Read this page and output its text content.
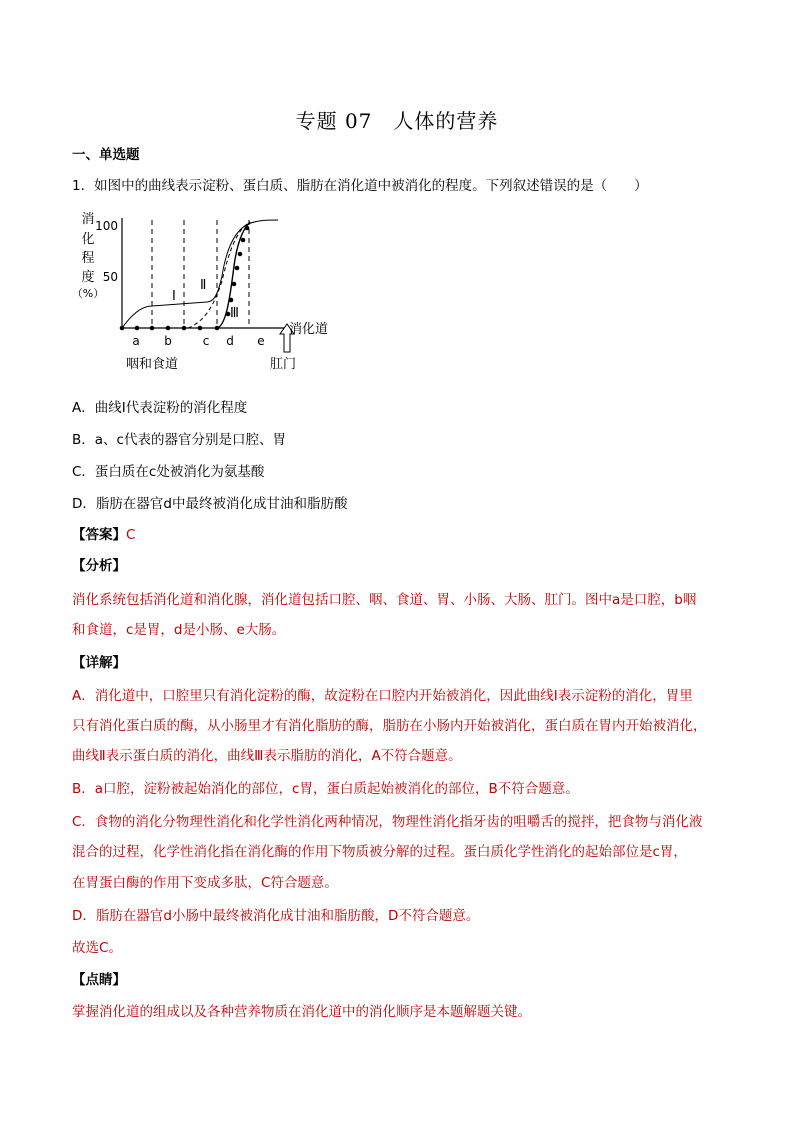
专题 07　人体的营养
一、单选题
1．如图中的曲线表示淀粉、蛋白质、脂肪在消化道中被消化的程度。下列叙述错误的是（　　）
消
化
程
度
（%）
100
50
Ⅰ
Ⅱ
Ⅲ
a b	c d e
消化道
咽和食道	肛门
A．曲线Ⅰ代表淀粉的消化程度
B．a、c代表的器官分别是口腔、胃
C．蛋白质在c处被消化为氨基酸
D．脂肪在器官d中最终被消化成甘油和脂肪酸
【答案】C
【分析】
消化系统包括消化道和消化腺，消化道包括口腔、咽、食道、胃、小肠、大肠、肛门。图中a是口腔，b咽
和食道，c是胃，d是小肠、e大肠。
【详解】
A．消化道中，口腔里只有消化淀粉的酶，故淀粉在口腔内开始被消化，因此曲线Ⅰ表示淀粉的消化，胃里
只有消化蛋白质的酶，从小肠里才有消化脂肪的酶，脂肪在小肠内开始被消化，蛋白质在胃内开始被消化，
曲线Ⅱ表示蛋白质的消化，曲线Ⅲ表示脂肪的消化，A不符合题意。
B．a口腔，淀粉被起始消化的部位，c胃，蛋白质起始被消化的部位，B不符合题意。
C．食物的消化分物理性消化和化学性消化两种情况，物理性消化指牙齿的咀嚼舌的搅拌，把食物与消化液
混合的过程，化学性消化指在消化酶的作用下物质被分解的过程。蛋白质化学性消化的起始部位是c胃，
在胃蛋白酶的作用下变成多肽，C符合题意。
D．脂肪在器官d小肠中最终被消化成甘油和脂肪酸，D不符合题意。
故选C。
【点睛】
掌握消化道的组成以及各种营养物质在消化道中的消化顺序是本题解题关键。
